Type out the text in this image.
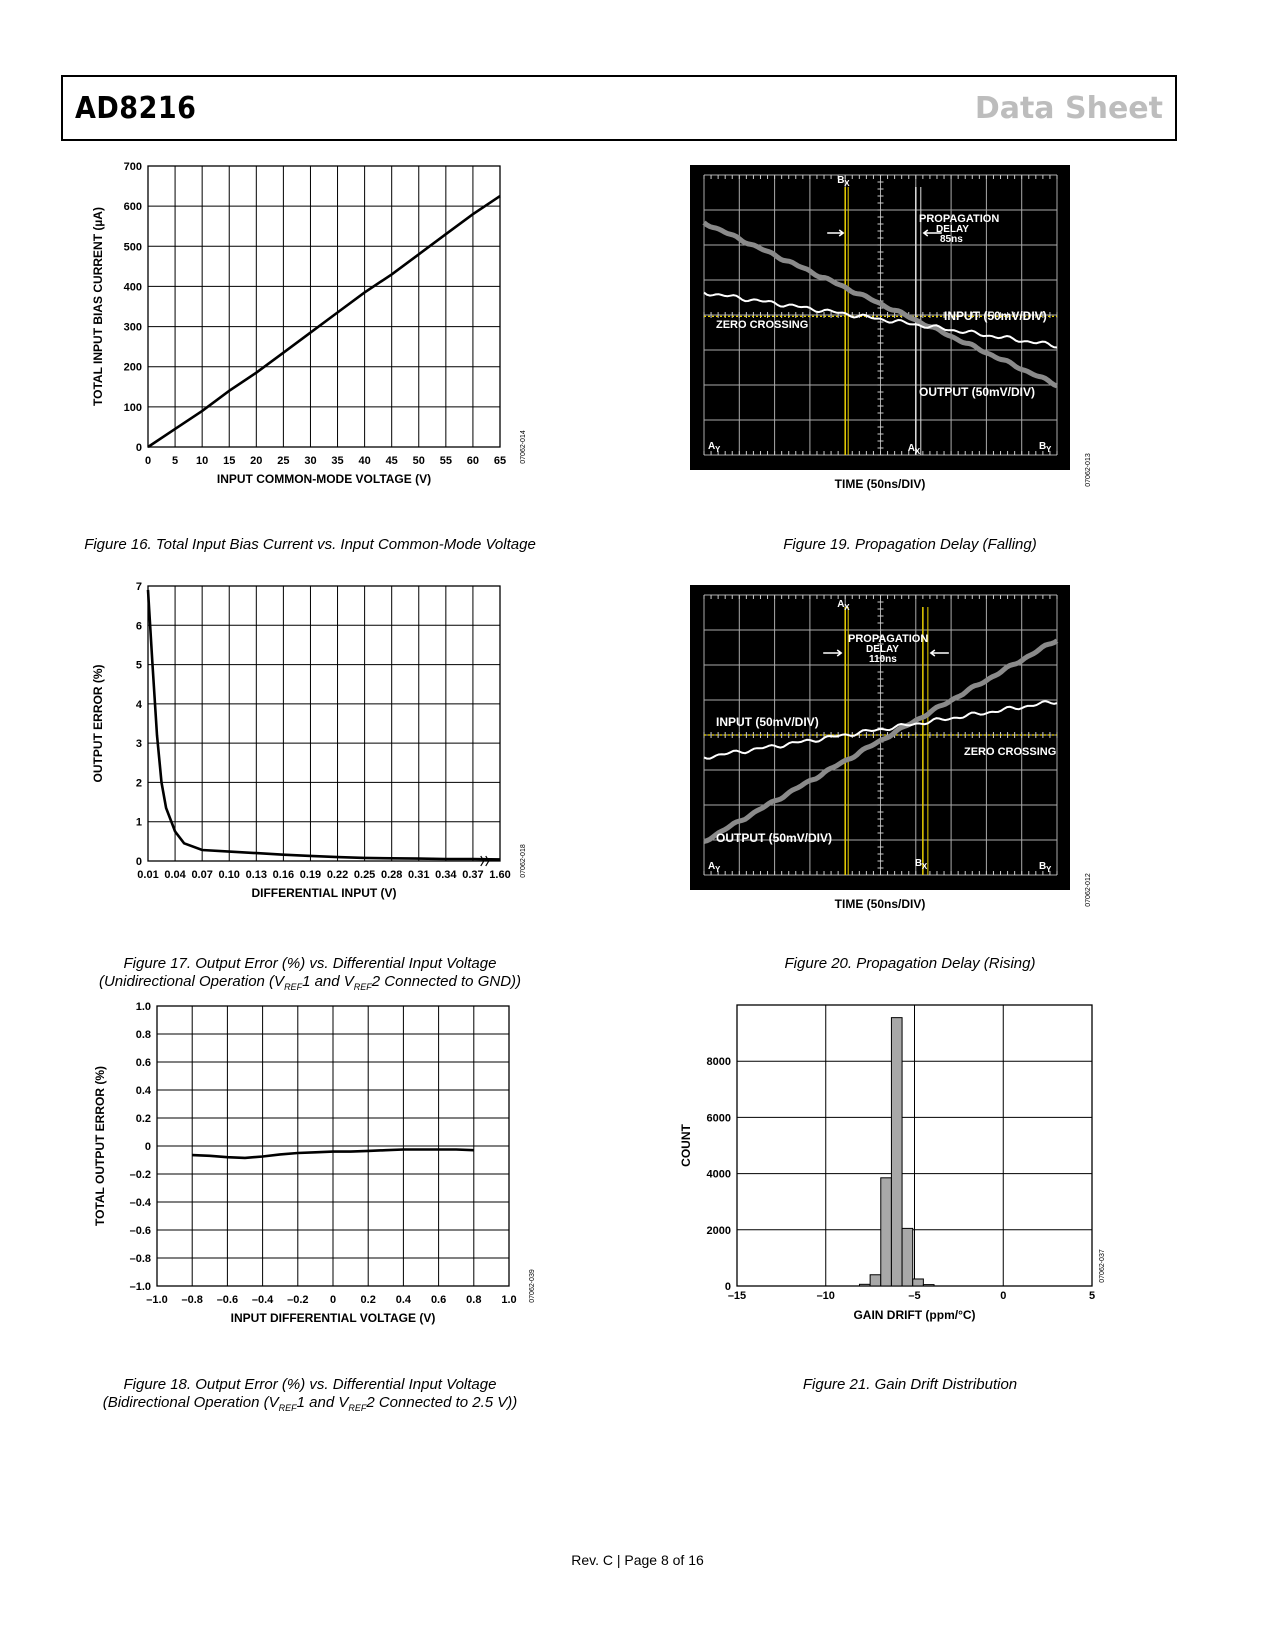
AD8216	Data Sheet
0 5 10 15 20 25 30 35 40 45 50 55 60 65
0
100
200
300
400
500
600
700
INPUT COMMON-MODE VOLTAGE (V)
TOTAL INPUT BIAS CURRENT (µA)
07062-014
Figure 16. Total Input Bias Current vs. Input Common-Mode Voltage
0.01 0.04 0.07 0.10 0.13 0.16 0.19 0.22 0.25 0.28 0.31 0.34 0.37 1.60
0
1
2
3
4
5
6
7
DIFFERENTIAL INPUT (V)
OUTPUT ERROR (%)
07062-018
Figure 17. Output Error (%) vs. Differential Input Voltage
(Unidirectional Operation ($V_{REF}1$ and $V_{REF}2$ Connected to GND))
–1.0 –0.8 –0.6 –0.4 –0.2 0 0.2 0.4 0.6 0.8 1.0
–1.0
–0.8
–0.6
–0.4
–0.2
0
0.2
0.4
0.6
0.8
1.0
INPUT DIFFERENTIAL VOLTAGE (V)
TOTAL OUTPUT ERROR (%)
07062-039
Figure 18. Output Error (%) vs. Differential Input Voltage
(Bidirectional Operation ($V_{REF}1$ and $V_{REF}2$ Connected to 2.5 V))
PROPAGATION
DELAY
85ns
ZERO CROSSING
INPUT (50mV/DIV)
OUTPUT (50mV/DIV)
B X
A X
A Y	B Y
TIME (50ns/DIV)	07062-013
Figure 19. Propagation Delay (Falling)
PROPAGATION
DELAY
110ns
INPUT (50mV/DIV)
ZERO CROSSING
OUTPUT (50mV/DIV)
A X
B X
A Y	B Y
TIME (50ns/DIV)	07062-012
Figure 20. Propagation Delay (Rising)
–15	–10	–5	0	5
0
2000
4000
6000
8000
GAIN DRIFT (ppm/°C)
COUNT
07062-037
Figure 21. Gain Drift Distribution
Rev. C | Page 8 of 16
